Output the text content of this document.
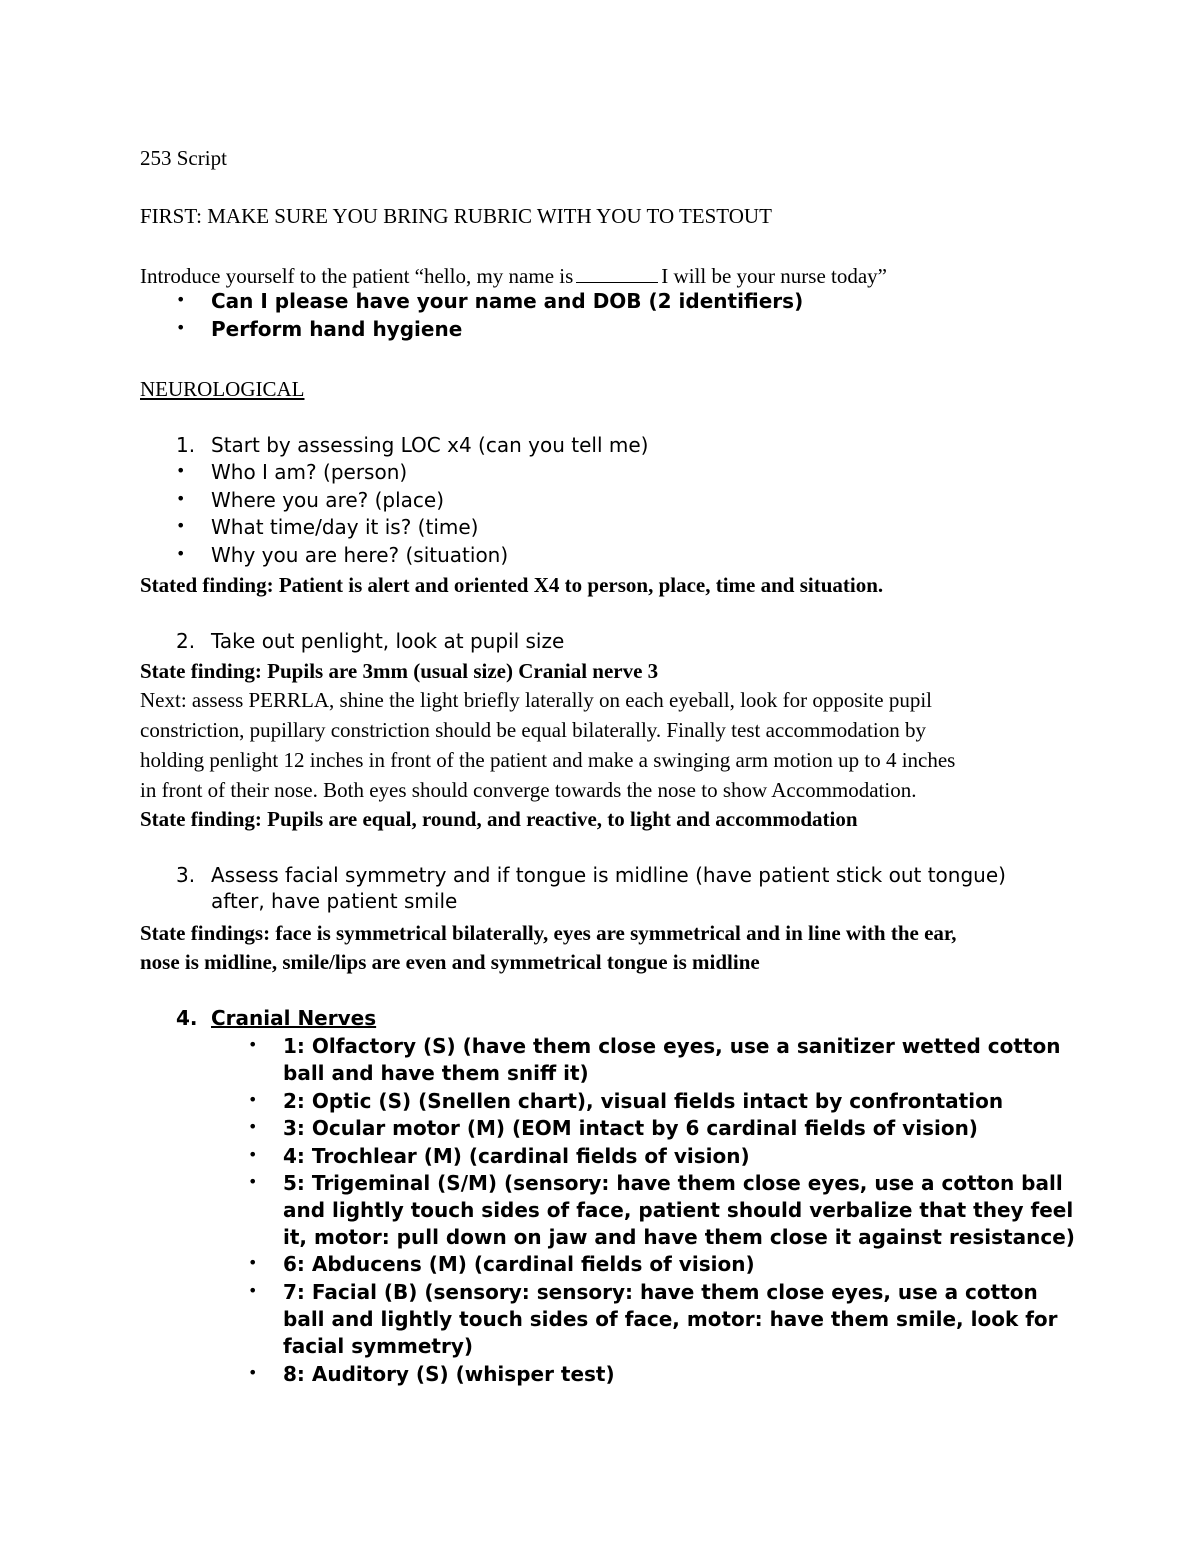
253 Script
FIRST: MAKE SURE YOU BRING RUBRIC WITH YOU TO TESTOUT
Introduce yourself to the patient “hello, my name is	I will be your nurse today”
• Can I please have your name and DOB (2 identifiers)
• Perform hand hygiene
NEUROLOGICAL
1. Start by assessing LOC x4 (can you tell me)
• Who I am? (person)
• Where you are? (place)
• What time/day it is? (time)
• Why you are here? (situation)
Stated finding: Patient is alert and oriented X4 to person, place, time and situation.
2. Take out penlight, look at pupil size
State finding: Pupils are 3mm (usual size) Cranial nerve 3
Next: assess PERRLA, shine the light briefly laterally on each eyeball, look for opposite pupil
constriction, pupillary constriction should be equal bilaterally. Finally test accommodation by
holding penlight 12 inches in front of the patient and make a swinging arm motion up to 4 inches
in front of their nose. Both eyes should converge towards the nose to show Accommodation.
State finding: Pupils are equal, round, and reactive, to light and accommodation
3. Assess facial symmetry and if tongue is midline (have patient stick out tongue)
after, have patient smile
State findings: face is symmetrical bilaterally, eyes are symmetrical and in line with the ear,
nose is midline, smile/lips are even and symmetrical tongue is midline
4. Cranial Nerves
• 1: Olfactory (S) (have them close eyes, use a sanitizer wetted cotton
ball and have them sniff it)
• 2: Optic (S) (Snellen chart), visual fields intact by confrontation
• 3: Ocular motor (M) (EOM intact by 6 cardinal fields of vision)
• 4: Trochlear (M) (cardinal fields of vision)
• 5: Trigeminal (S/M) (sensory: have them close eyes, use a cotton ball
and lightly touch sides of face, patient should verbalize that they feel
it, motor: pull down on jaw and have them close it against resistance)
• 6: Abducens (M) (cardinal fields of vision)
• 7: Facial (B) (sensory: sensory: have them close eyes, use a cotton
ball and lightly touch sides of face, motor: have them smile, look for
facial symmetry)
• 8: Auditory (S) (whisper test)
